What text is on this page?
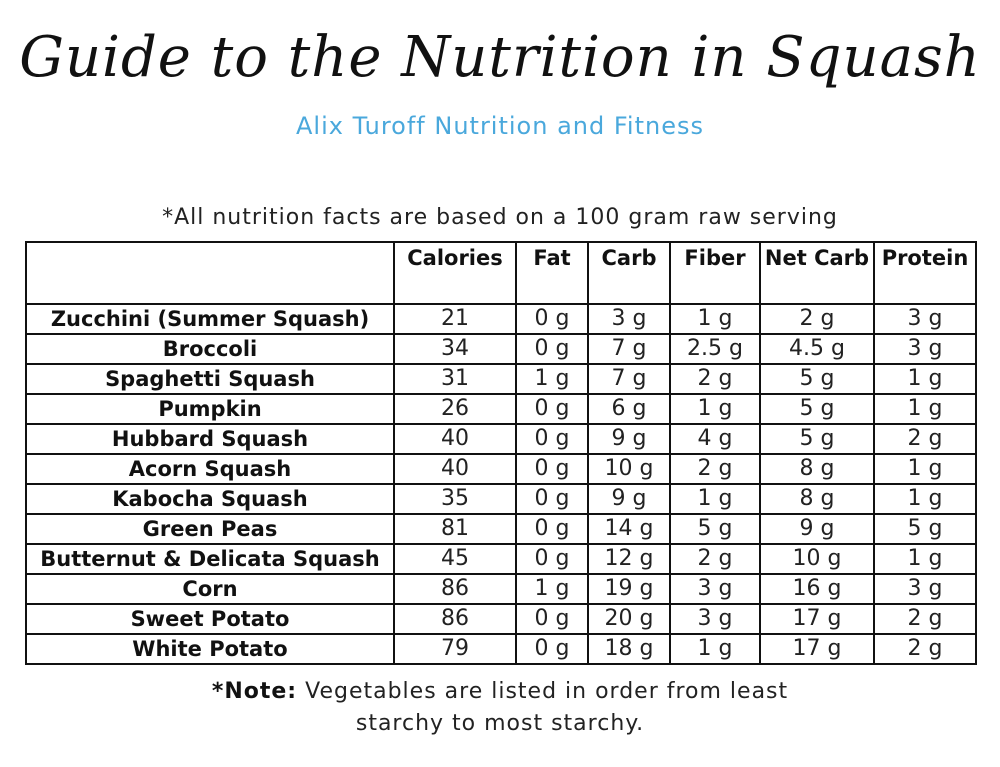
Guide to the Nutrition in Squash
Alix Turoff Nutrition and Fitness
*All nutrition facts are based on a 100 gram raw serving
	Calories	Fat	Carb	Fiber	Net Carb	Protein
Zucchini (Summer Squash)	21	0 g	3 g	1 g	2 g	3 g
Broccoli	34	0 g	7 g	2.5 g	4.5 g	3 g
Spaghetti Squash	31	1 g	7 g	2 g	5 g	1 g
Pumpkin	26	0 g	6 g	1 g	5 g	1 g
Hubbard Squash	40	0 g	9 g	4 g	5 g	2 g
Acorn Squash	40	0 g	10 g	2 g	8 g	1 g
Kabocha Squash	35	0 g	9 g	1 g	8 g	1 g
Green Peas	81	0 g	14 g	5 g	9 g	5 g
Butternut & Delicata Squash	45	0 g	12 g	2 g	10 g	1 g
Corn	86	1 g	19 g	3 g	16 g	3 g
Sweet Potato	86	0 g	20 g	3 g	17 g	2 g
White Potato	79	0 g	18 g	1 g	17 g	2 g
*Note: Vegetables are listed in order from least
starchy to most starchy.
